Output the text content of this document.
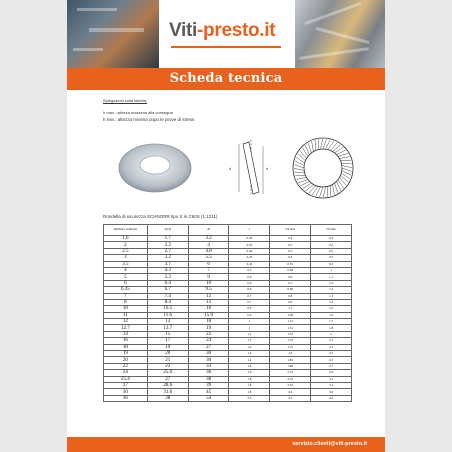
Viti-presto.it
Scheda tecnica
Spiegazioni sulla tabella:
h max.: altezza massima alla consegna
h min.: altezza minima dopo le prove di stress
d	h
Rondella di sicurezza SCHNORR tipo S in C60S (1.1211)
Diametro nominale	d1(d)	d2	s	∅h max	∅h min
1.6	1.7	3.2	0.30	0.4	0.3
2	2.2	4	0.35	0.5	0.4
2.5	2.7	4.8	0.40	0.5	0.5
3	3.2	5.5	0.45	0.6	0.5
3.5	3.7	6	0.45	0.55	0.5
4	4.3	7	0.5	0.56	1
5	5.3	9	0.6	0.6	1.1
6	6.4	10	0.6	0.7	1.2
6.35	6.7	9.5	0.6	0.48	1.2
7	7.4	12	0.7	0.8	1.3
8	8.4	13	0.7	0.9	1.4
10	10.5	16	0.9	1.1	1.6
11	11.6	15.9	0.9	1.08	1.6
12	13	18	1	1.15	1.7
12.7	13.7	19	1	1.31	1.8
14	15	22	1.1	1.35	2
16	17	24	1.3	1.55	2.1
18	19	27	1.4	1.75	2.3
19	20	30	1.4	1.9	2.5
20	21	30	1.4	1.85	2.5
22	23	33	1.4	1.86	2.7
24	25.6	36	1.6	2.15	2.9
25.4	27	38	1.8	2.35	3.1
27	28.6	39	1.8	2.35	3.1
30	31.6	45	1.8	2.6	3.6
36	38	54	2.5	3.2	4.2
servizio.clienti@viti-presto.it
